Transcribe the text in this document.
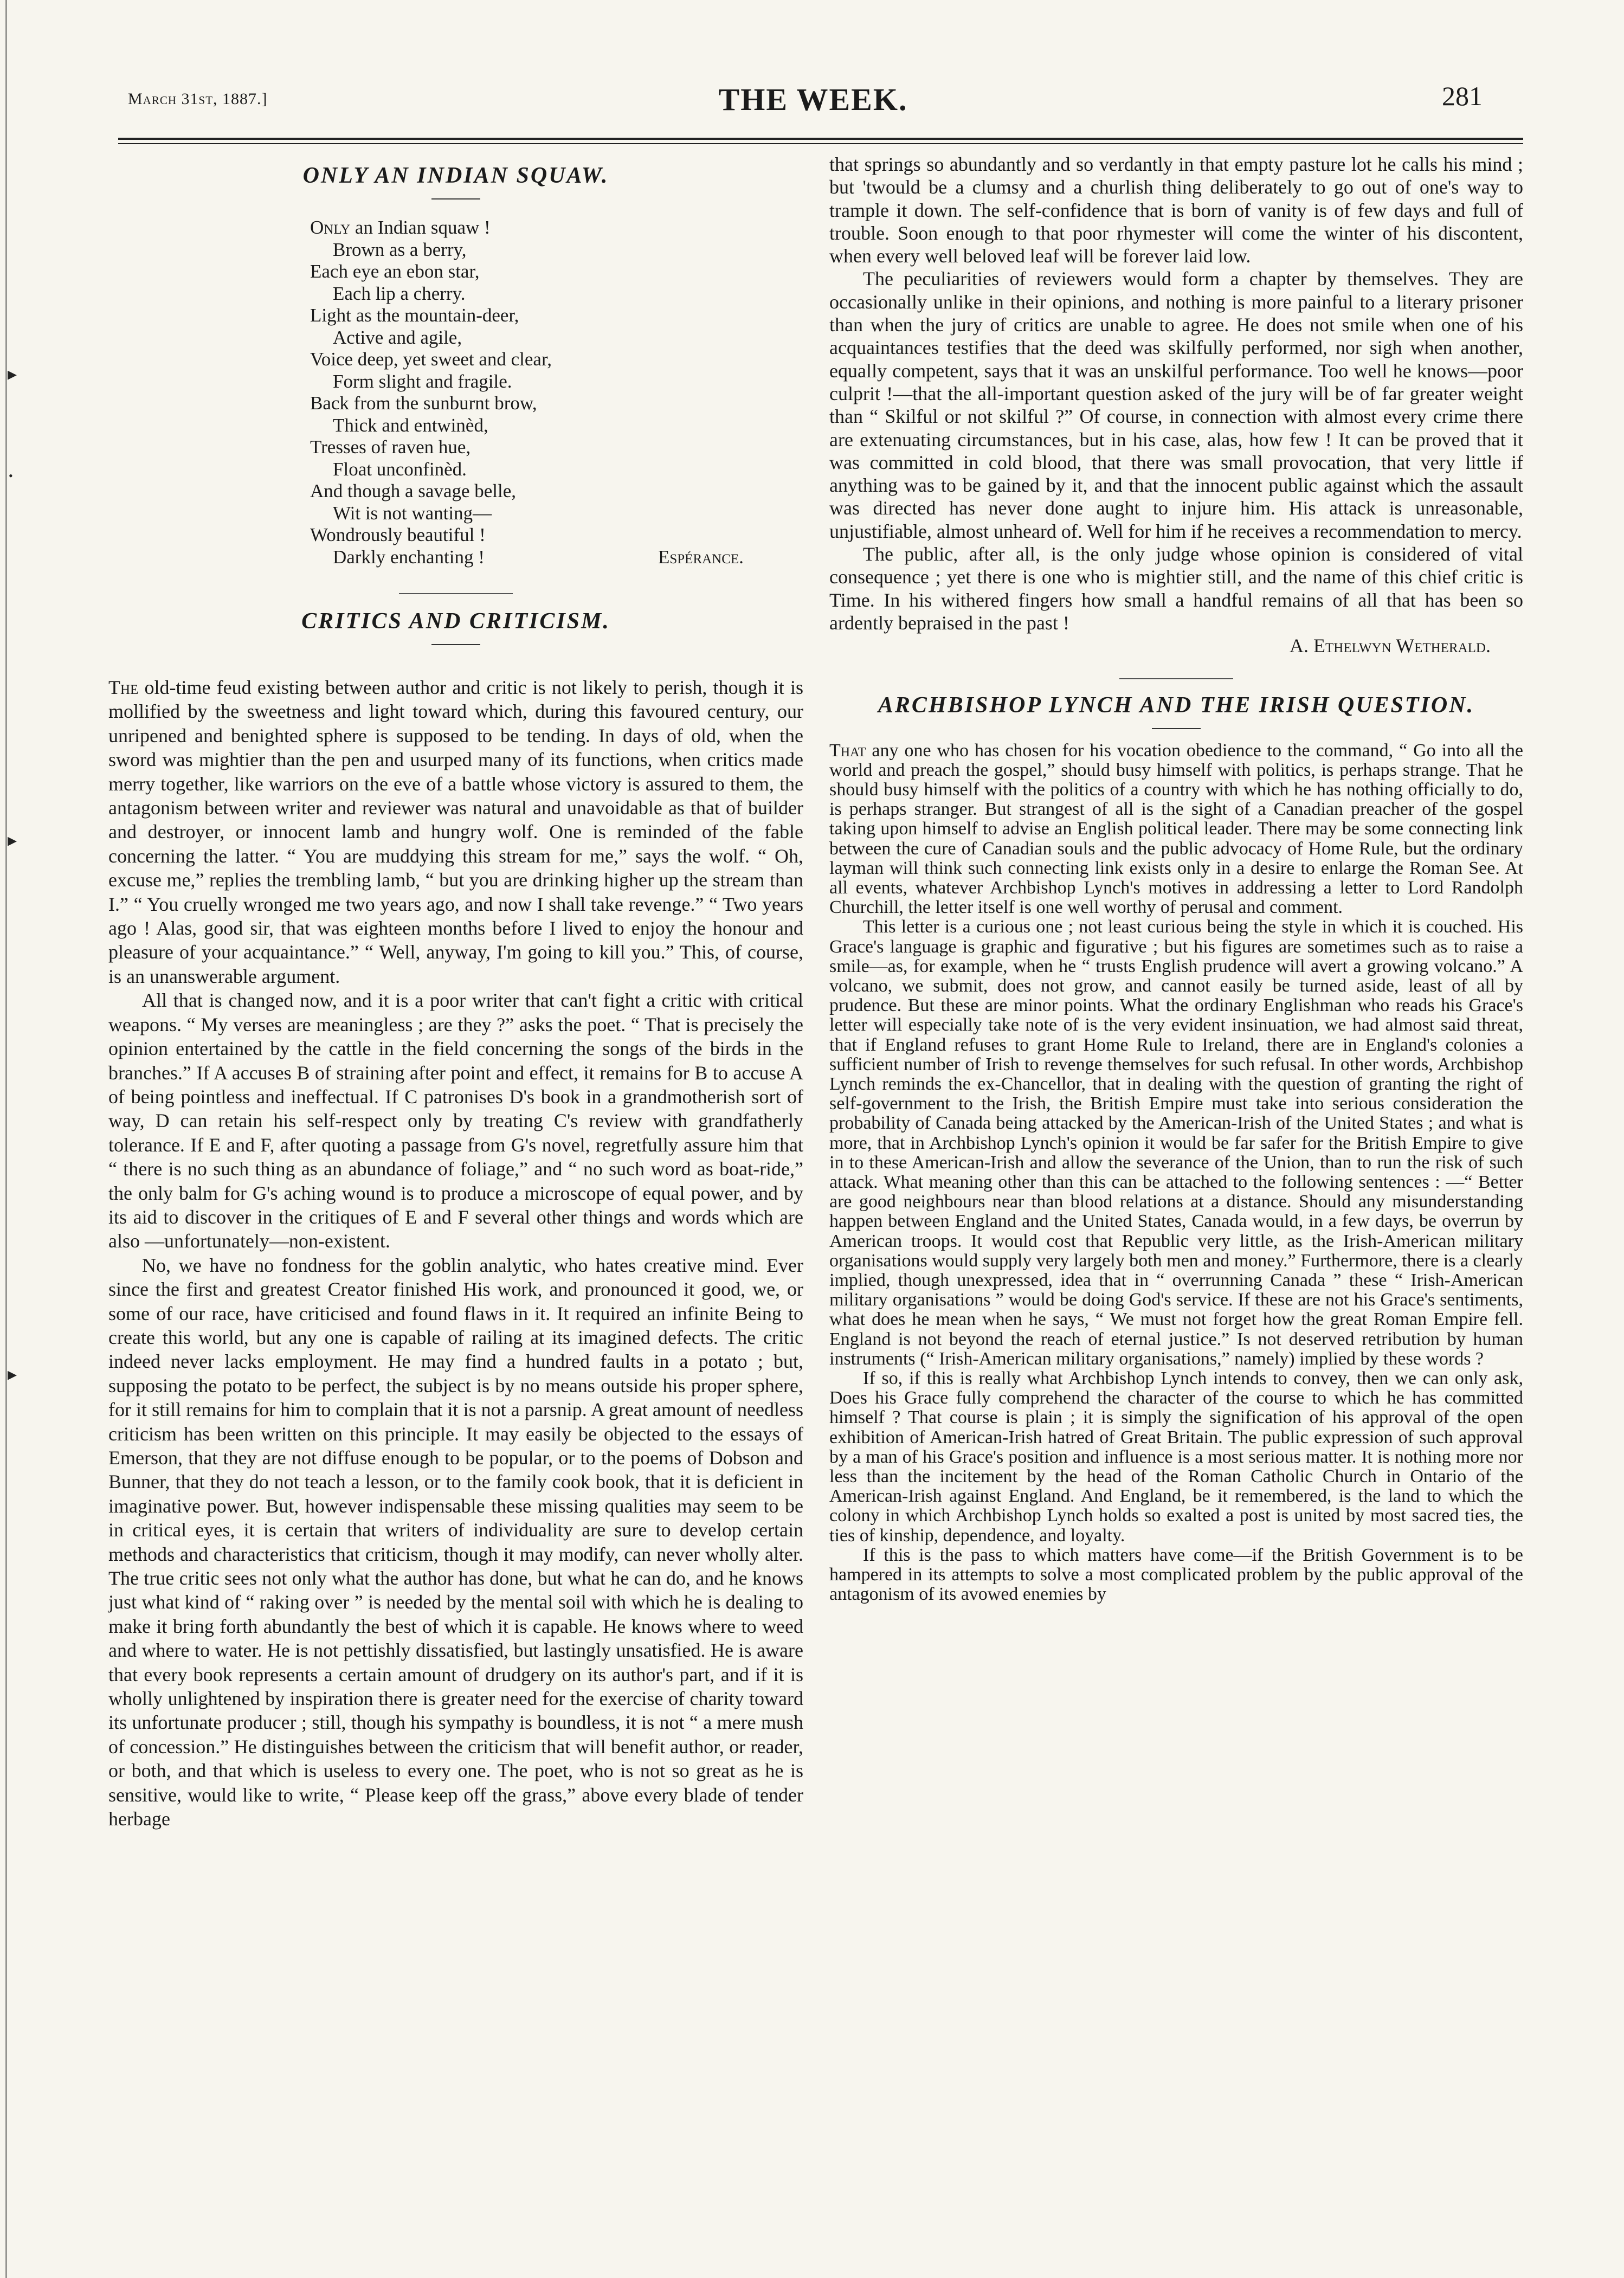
▸
•
▸
▸
March 31st, 1887.]	THE WEEK.	281
ONLY AN INDIAN SQUAW.
Only an Indian squaw !
Brown as a berry,
Each eye an ebon star,
Each lip a cherry.
Light as the mountain-deer,
Active and agile,
Voice deep, yet sweet and clear,
Form slight and fragile.
Back from the sunburnt brow,
Thick and entwinèd,
Tresses of raven hue,
Float unconfinèd.
And though a savage belle,
Wit is not wanting—
Wondrously beautiful !
Darkly enchanting !	Espérance.
CRITICS AND CRITICISM.

The old-time feud existing between author and critic is not likely to perish, though it is mollified by the sweetness and light toward which, during this favoured century, our unripened and benighted sphere is supposed to be tending. In days of old, when the sword was mightier than the pen and usurped many of its functions, when critics made merry together, like warriors on the eve of a battle whose victory is assured to them, the antagonism between writer and reviewer was natural and unavoidable as that of builder and destroyer, or innocent lamb and hungry wolf. One is reminded of the fable concerning the latter. “ You are muddying this stream for me,” says the wolf. “ Oh, excuse me,” replies the trembling lamb, “ but you are drinking higher up the stream than I.” “ You cruelly wronged me two years ago, and now I shall take revenge.” “ Two years ago ! Alas, good sir, that was eighteen months before I lived to enjoy the honour and pleasure of your acquaintance.” “ Well, anyway, I'm going to kill you.” This, of course, is an unanswerable argument.

All that is changed now, and it is a poor writer that can't fight a critic with critical weapons. “ My verses are meaningless ; are they ?” asks the poet. “ That is precisely the opinion entertained by the cattle in the field concerning the songs of the birds in the branches.” If A accuses B of straining after point and effect, it remains for B to accuse A of being pointless and ineffectual. If C patronises D's book in a grandmotherish sort of way, D can retain his self-respect only by treating C's review with grandfatherly tolerance. If E and F, after quoting a passage from G's novel, regretfully assure him that “ there is no such thing as an abundance of foliage,” and “ no such word as boat-ride,” the only balm for G's aching wound is to produce a microscope of equal power, and by its aid to discover in the critiques of E and F several other things and words which are also —unfortunately—non-existent.

No, we have no fondness for the goblin analytic, who hates creative mind. Ever since the first and greatest Creator finished His work, and pronounced it good, we, or some of our race, have criticised and found flaws in it. It required an infinite Being to create this world, but any one is capable of railing at its imagined defects. The critic indeed never lacks employment. He may find a hundred faults in a potato ; but, supposing the potato to be perfect, the subject is by no means outside his proper sphere, for it still remains for him to complain that it is not a parsnip. A great amount of needless criticism has been written on this principle. It may easily be objected to the essays of Emerson, that they are not diffuse enough to be popular, or to the poems of Dobson and Bunner, that they do not teach a lesson, or to the family cook book, that it is deficient in imaginative power. But, however indispensable these missing qualities may seem to be in critical eyes, it is certain that writers of individuality are sure to develop certain methods and characteristics that criticism, though it may modify, can never wholly alter. The true critic sees not only what the author has done, but what he can do, and he knows just what kind of “ raking over ” is needed by the mental soil with which he is dealing to make it bring forth abundantly the best of which it is capable. He knows where to weed and where to water. He is not pettishly dissatisfied, but lastingly unsatisfied. He is aware that every book represents a certain amount of drudgery on its author's part, and if it is wholly unlightened by inspiration there is greater need for the exercise of charity toward its unfortunate producer ; still, though his sympathy is boundless, it is not “ a mere mush of concession.” He distinguishes between the criticism that will benefit author, or reader, or both, and that which is useless to every one. The poet, who is not so great as he is sensitive, would like to write, “ Please keep off the grass,” above every blade of tender herbage

that springs so abundantly and so verdantly in that empty pasture lot he calls his mind ; but 'twould be a clumsy and a churlish thing deliberately to go out of one's way to trample it down. The self-confidence that is born of vanity is of few days and full of trouble. Soon enough to that poor rhymester will come the winter of his discontent, when every well beloved leaf will be forever laid low.

The peculiarities of reviewers would form a chapter by themselves. They are occasionally unlike in their opinions, and nothing is more painful to a literary prisoner than when the jury of critics are unable to agree. He does not smile when one of his acquaintances testifies that the deed was skilfully performed, nor sigh when another, equally competent, says that it was an unskilful performance. Too well he knows—poor culprit !—that the all-important question asked of the jury will be of far greater weight than “ Skilful or not skilful ?” Of course, in connection with almost every crime there are extenuating circumstances, but in his case, alas, how few ! It can be proved that it was committed in cold blood, that there was small provocation, that very little if anything was to be gained by it, and that the innocent public against which the assault was directed has never done aught to injure him. His attack is unreasonable, unjustifiable, almost unheard of. Well for him if he receives a recommendation to mercy.

The public, after all, is the only judge whose opinion is considered of vital consequence ; yet there is one who is mightier still, and the name of this chief critic is Time. In his withered fingers how small a handful remains of all that has been so ardently bepraised in the past !

A. Ethelwyn Wetherald.

ARCHBISHOP LYNCH AND THE IRISH QUESTION.

That any one who has chosen for his vocation obedience to the command, “ Go into all the world and preach the gospel,” should busy himself with politics, is perhaps strange. That he should busy himself with the politics of a country with which he has nothing officially to do, is perhaps stranger. But strangest of all is the sight of a Canadian preacher of the gospel taking upon himself to advise an English political leader. There may be some connecting link between the cure of Canadian souls and the public advocacy of Home Rule, but the ordinary layman will think such connecting link exists only in a desire to enlarge the Roman See. At all events, whatever Archbishop Lynch's motives in addressing a letter to Lord Randolph Churchill, the letter itself is one well worthy of perusal and comment.

This letter is a curious one ; not least curious being the style in which it is couched. His Grace's language is graphic and figurative ; but his figures are sometimes such as to raise a smile—as, for example, when he “ trusts English prudence will avert a growing volcano.” A volcano, we submit, does not grow, and cannot easily be turned aside, least of all by prudence. But these are minor points. What the ordinary Englishman who reads his Grace's letter will especially take note of is the very evident insinuation, we had almost said threat, that if England refuses to grant Home Rule to Ireland, there are in England's colonies a sufficient number of Irish to revenge themselves for such refusal. In other words, Archbishop Lynch reminds the ex-Chancellor, that in dealing with the question of granting the right of self-government to the Irish, the British Empire must take into serious consideration the probability of Canada being attacked by the American-Irish of the United States ; and what is more, that in Archbishop Lynch's opinion it would be far safer for the British Empire to give in to these American-Irish and allow the severance of the Union, than to run the risk of such attack. What meaning other than this can be attached to the following sentences : —“ Better are good neighbours near than blood relations at a distance. Should any misunderstanding happen between England and the United States, Canada would, in a few days, be overrun by American troops. It would cost that Republic very little, as the Irish-American military organisations would supply very largely both men and money.” Furthermore, there is a clearly implied, though unexpressed, idea that in “ overrunning Canada ” these “ Irish-American military organisations ” would be doing God's service. If these are not his Grace's sentiments, what does he mean when he says, “ We must not forget how the great Roman Empire fell. England is not beyond the reach of eternal justice.” Is not deserved retribution by human instruments (“ Irish-American military organisations,” namely) implied by these words ?

If so, if this is really what Archbishop Lynch intends to convey, then we can only ask, Does his Grace fully comprehend the character of the course to which he has committed himself ? That course is plain ; it is simply the signification of his approval of the open exhibition of American-Irish hatred of Great Britain. The public expression of such approval by a man of his Grace's position and influence is a most serious matter. It is nothing more nor less than the incitement by the head of the Roman Catholic Church in Ontario of the American-Irish against England. And England, be it remembered, is the land to which the colony in which Archbishop Lynch holds so exalted a post is united by most sacred ties, the ties of kinship, dependence, and loyalty.

If this is the pass to which matters have come—if the British Government is to be hampered in its attempts to solve a most complicated problem by the public approval of the antagonism of its avowed enemies by
